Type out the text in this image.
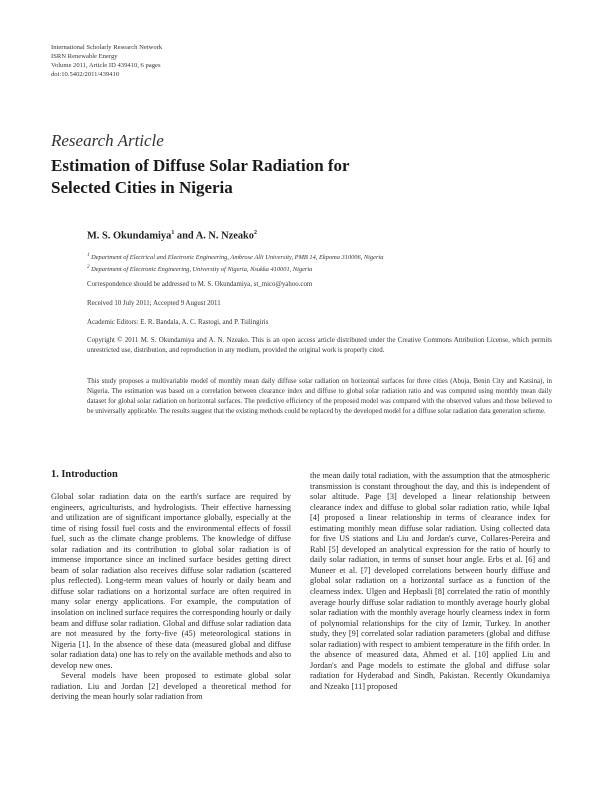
International Scholarly Research Network
ISRN Renewable Energy
Volume 2011, Article ID 439410, 6 pages
doi:10.5402/2011/439410
Research Article
Estimation of Diffuse Solar Radiation for
Selected Cities in Nigeria
M. S. Okundamiya$^1$ and A. N. Nzeako$^2$
$^1$ Department of Electrical and Electronic Engineering, Ambrose Alli University, PMB 14, Ekpoma 310006, Nigeria
$^2$ Department of Electronic Engineering, University of Nigeria, Nsukka 410001, Nigeria
Correspondence should be addressed to M. S. Okundamiya, st_mico@yahoo.com
Received 10 July 2011; Accepted 9 August 2011
Academic Editors: E. R. Bandala, A. C. Rastogi, and P. Tsilingiris
Copyright © 2011 M. S. Okundamiya and A. N. Nzeako. This is an open access article distributed under the Creative Commons Attribution License, which permits unrestricted use, distribution, and reproduction in any medium, provided the original work is properly cited.
This study proposes a multivariable model of monthly mean daily diffuse solar radiation on horizontal surfaces for three cities (Abuja, Benin City and Katsina), in Nigeria. The estimation was based on a correlation between clearance index and diffuse to global solar radiation ratio and was computed using monthly mean daily dataset for global solar radiation on horizontal surfaces. The predictive efficiency of the proposed model was compared with the observed values and those believed to be universally applicable. The results suggest that the existing methods could be replaced by the developed model for a diffuse solar radiation data generation scheme.
1. Introduction

Global solar radiation data on the earth's surface are required by engineers, agriculturists, and hydrologists. Their effective harnessing and utilization are of significant importance globally, especially at the time of rising fossil fuel costs and the environmental effects of fossil fuel, such as the climate change problems. The knowledge of diffuse solar radiation and its contribution to global solar radiation is of immense importance since an inclined surface besides getting direct beam of solar radiation also receives diffuse solar radiation (scattered plus reflected). Long-term mean values of hourly or daily beam and diffuse solar radiations on a horizontal surface are often required in many solar energy applications. For example, the computation of insolation on inclined surface requires the corresponding hourly or daily beam and diffuse solar radiation. Global and diffuse solar radiation data are not measured by the forty-five (45) meteorological stations in Nigeria [1]. In the absence of these data (measured global and diffuse solar radiation data) one has to rely on the available methods and also to develop new ones.

Several models have been proposed to estimate global solar radiation. Liu and Jordan [2] developed a theoretical method for deriving the mean hourly solar radiation from

the mean daily total radiation, with the assumption that the atmospheric transmission is constant throughout the day, and this is independent of solar altitude. Page [3] developed a linear relationship between clearance index and diffuse to global solar radiation ratio, while Iqbal [4] proposed a linear relationship in terms of clearance index for estimating monthly mean diffuse solar radiation. Using collected data for five US stations and Liu and Jordan's curve, Collares-Pereira and Rabl [5] developed an analytical expression for the ratio of hourly to daily solar radiation, in terms of sunset hour angle. Erbs et al. [6] and Muneer et al. [7] developed correlations between hourly diffuse and global solar radiation on a horizontal surface as a function of the clearness index. Ulgen and Hepbasli [8] correlated the ratio of monthly average hourly diffuse solar radiation to monthly average hourly global solar radiation with the monthly average hourly clearness index in form of polynomial relationships for the city of Izmir, Turkey. In another study, they [9] correlated solar radiation parameters (global and diffuse solar radiation) with respect to ambient temperature in the fifth order. In the absence of measured data, Ahmed et al. [10] applied Liu and Jordan's and Page models to estimate the global and diffuse solar radiation for Hyderabad and Sindh, Pakistan. Recently Okundamiya and Nzeako [11] proposed
